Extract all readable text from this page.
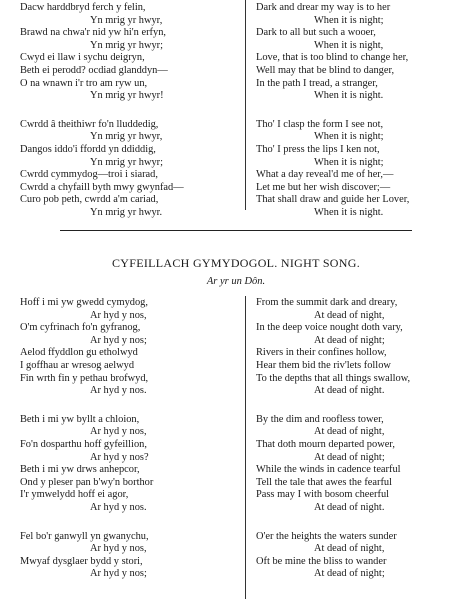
Dacw harddbryd ferch y felin,
Yn mrig yr hwyr,
Brawd na chwa'r nid yw hi'n erfyn,
Yn mrig yr hwyr;
Cwyd ei llaw i sychu deigryn,
Beth ei perodd? ocdiad glanddyn—
O na wnawn i'r tro am ryw un,
Yn mrig yr hwyr!
Cwrdd â theithiwr fo'n lluddedig,
Yn mrig yr hwyr,
Dangos iddo'i ffordd yn ddiddig,
Yn mrig yr hwyr;
Cwrdd cymmydog—troi i siarad,
Cwrdd a chyfaill byth mwy gwynfad—
Curo pob peth, cwrdd a'm cariad,
Yn mrig yr hwyr.
Dark and drear my way is to her
When it is night;
Dark to all but such a wooer,
When it is night,
Love, that is too blind to change her,
Well may that be blind to danger,
In the path I tread, a stranger,
When it is night.
Tho' I clasp the form I see not,
When it is night;
Tho' I press the lips I ken not,
When it is night;
What a day reveal'd me of her,—
Let me but her wish discover;—
That shall draw and guide her Lover,
When it is night.
CYFEILLACH GYMYDOGOL. NIGHT SONG.
Ar yr un Dôn.
Hoff i mi yw gwedd cymydog,
Ar hyd y nos,
O'm cyfrinach fo'n gyfranog,
Ar hyd y nos;
Aelod ffyddlon gu etholwyd
I goffhau ar wresog aelwyd
Fin wrth fin y pethau brofwyd,
Ar hyd y nos.
Beth i mi yw byllt a chloion,
Ar hyd y nos,
Fo'n dosparthu hoff gyfeillion,
Ar hyd y nos?
Beth i mi yw drws anhepcor,
Ond y pleser pan b'wy'n borthor
I'r ymwelydd hoff ei agor,
Ar hyd y nos.
Fel bo'r ganwyll yn gwanychu,
Ar hyd y nos,
Mwyaf dysglaer bydd y stori,
Ar hyd y nos;
From the summit dark and dreary,
At dead of night,
In the deep voice nought doth vary,
At dead of night;
Rivers in their confines hollow,
Hear them bid the riv'lets follow
To the depths that all things swallow,
At dead of night.
By the dim and roofless tower,
At dead of night,
That doth mourn departed power,
At dead of night;
While the winds in cadence tearful
Tell the tale that awes the fearful
Pass may I with bosom cheerful
At dead of night.
O'er the heights the waters sunder
At dead of night,
Oft be mine the bliss to wander
At dead of night;
